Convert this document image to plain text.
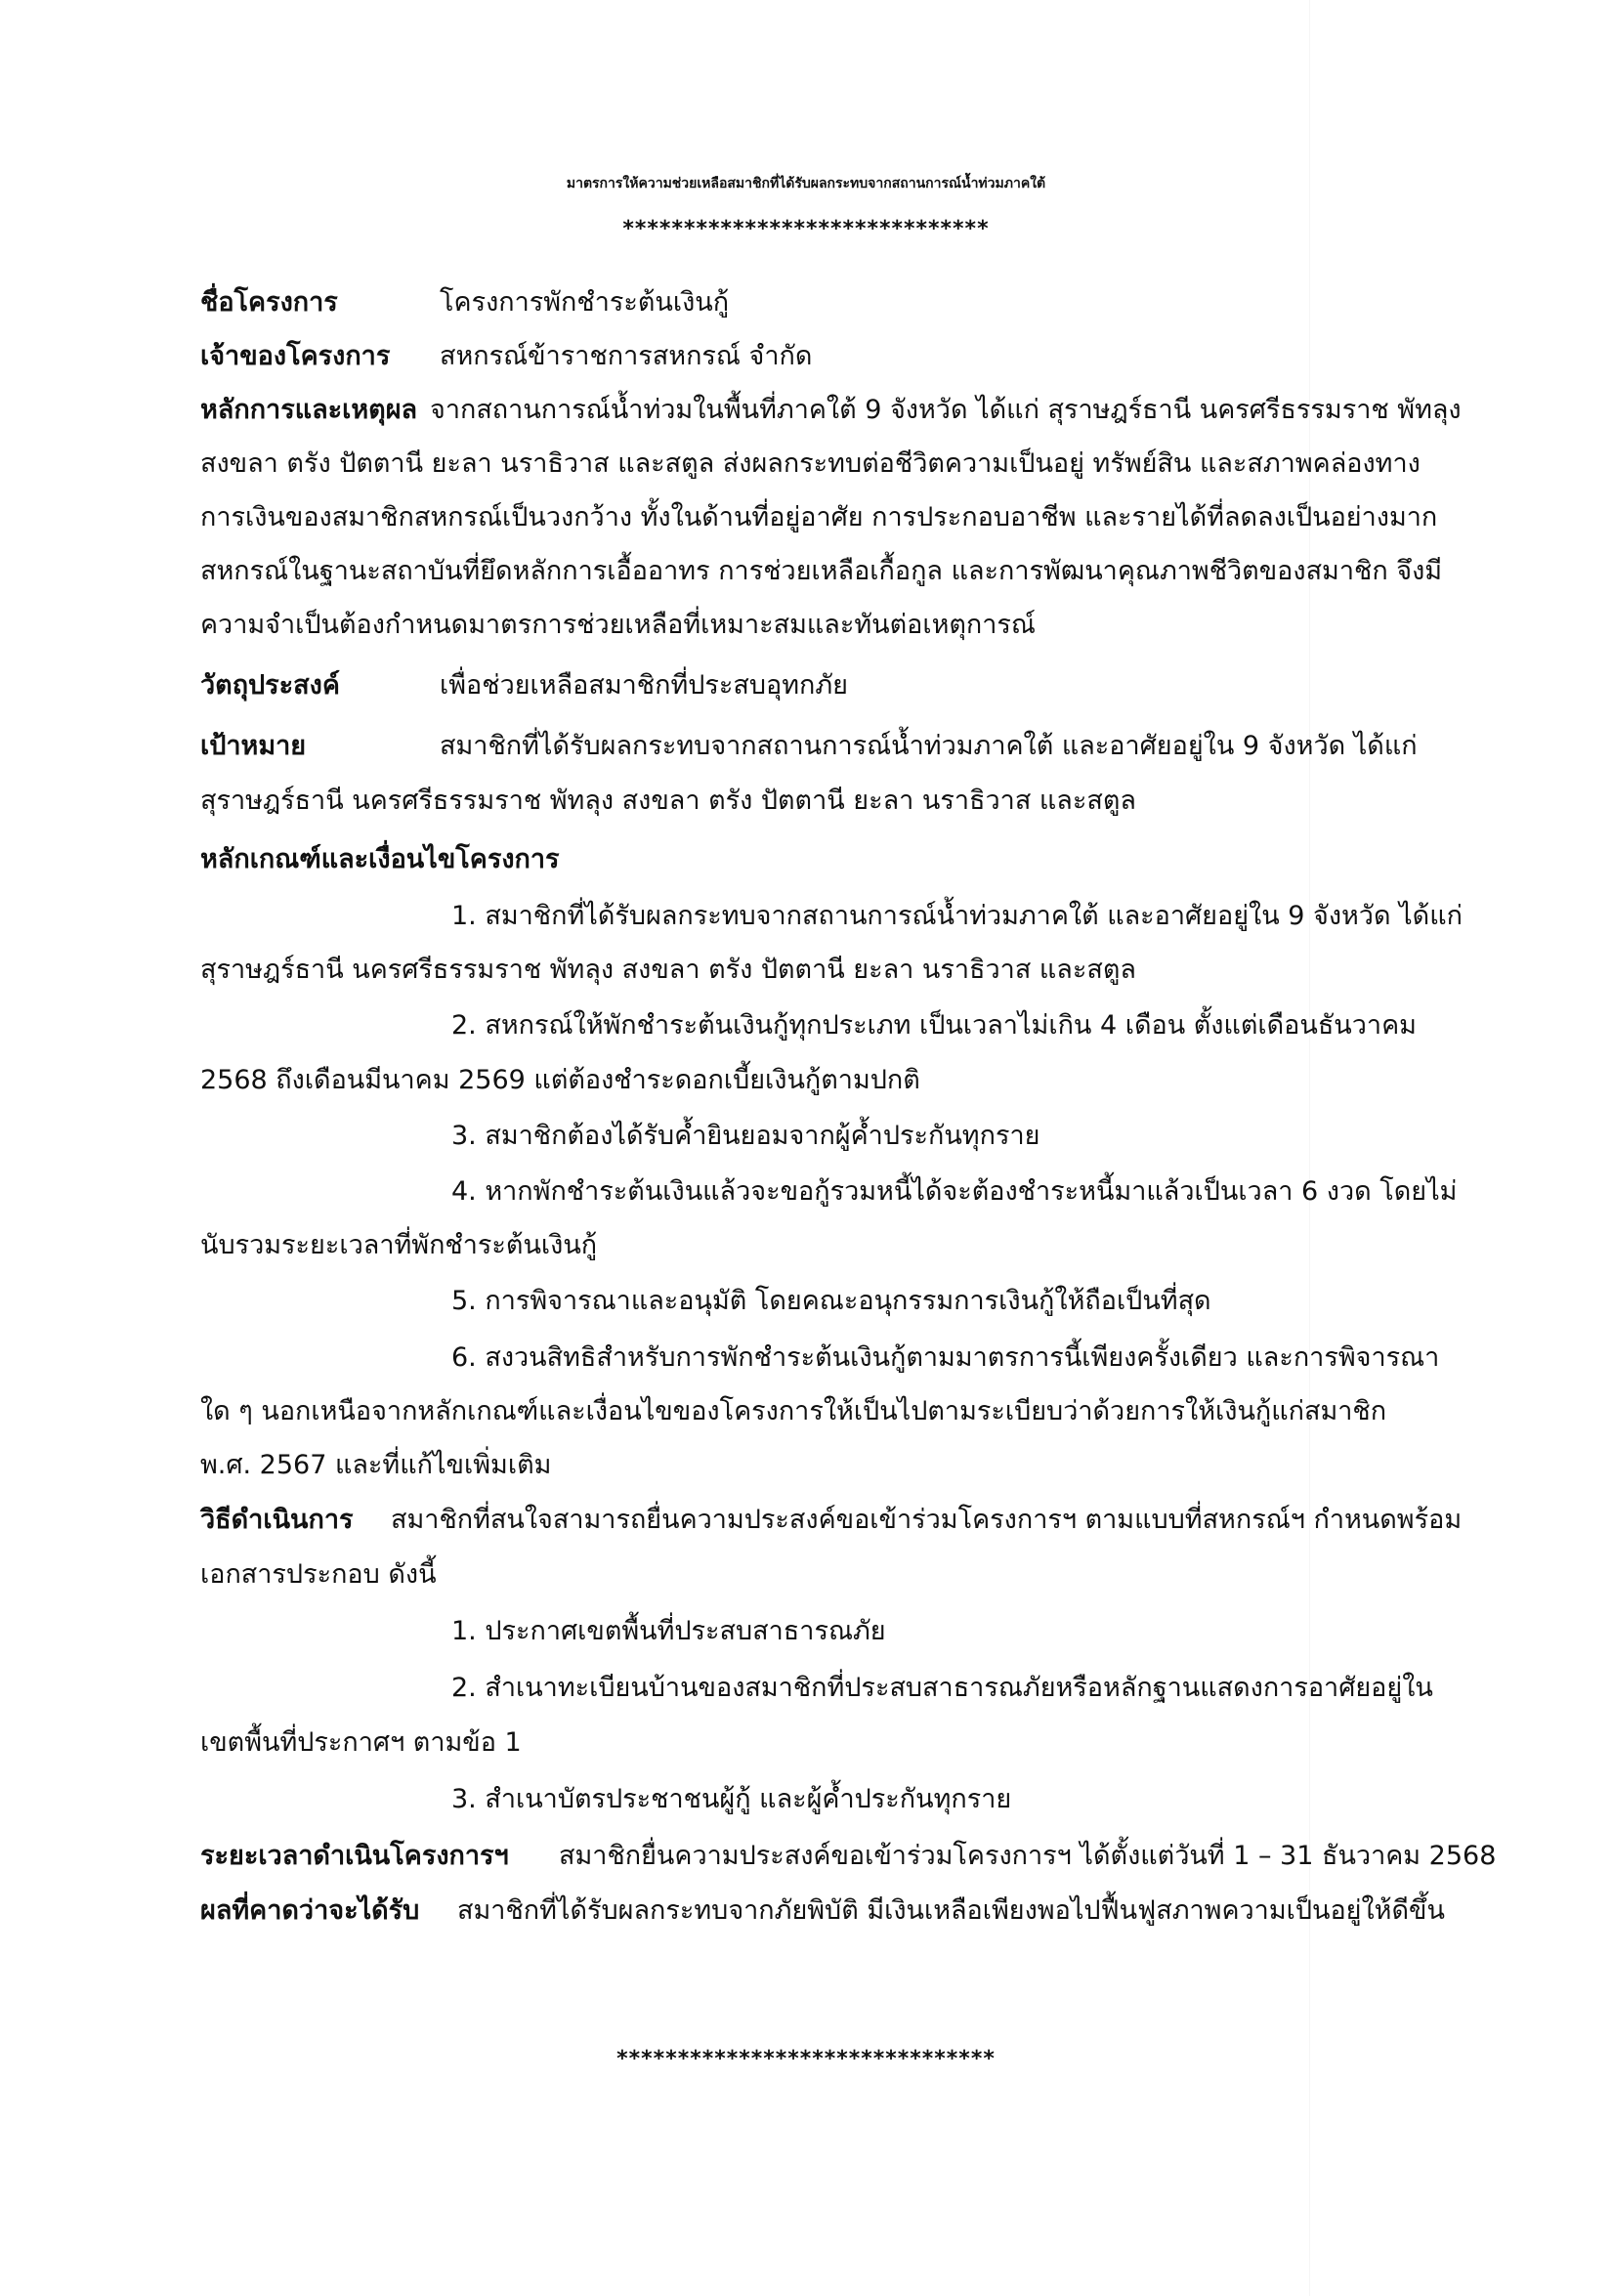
มาตรการให้ความช่วยเหลือสมาชิกที่ได้รับผลกระทบจากสถานการณ์น้ำท่วมภาคใต้
******************************
ชื่อโครงการ	โครงการพักชำระต้นเงินกู้
เจ้าของโครงการ สหกรณ์ข้าราชการสหกรณ์ จำกัด
หลักการและเหตุผล จากสถานการณ์น้ำท่วมในพื้นที่ภาคใต้ 9 จังหวัด ได้แก่ สุราษฎร์ธานี นครศรีธรรมราช พัทลุง
สงขลา ตรัง ปัตตานี ยะลา นราธิวาส และสตูล ส่งผลกระทบต่อชีวิตความเป็นอยู่ ทรัพย์สิน และสภาพคล่องทาง
การเงินของสมาชิกสหกรณ์เป็นวงกว้าง ทั้งในด้านที่อยู่อาศัย การประกอบอาชีพ และรายได้ที่ลดลงเป็นอย่างมาก
สหกรณ์ในฐานะสถาบันที่ยึดหลักการเอื้ออาทร การช่วยเหลือเกื้อกูล และการพัฒนาคุณภาพชีวิตของสมาชิก จึงมี
ความจำเป็นต้องกำหนดมาตรการช่วยเหลือที่เหมาะสมและทันต่อเหตุการณ์
วัตถุประสงค์	เพื่อช่วยเหลือสมาชิกที่ประสบอุทกภัย
เป้าหมาย	สมาชิกที่ได้รับผลกระทบจากสถานการณ์น้ำท่วมภาคใต้ และอาศัยอยู่ใน 9 จังหวัด ได้แก่
สุราษฎร์ธานี นครศรีธรรมราช พัทลุง สงขลา ตรัง ปัตตานี ยะลา นราธิวาส และสตูล
หลักเกณฑ์และเงื่อนไขโครงการ
1. สมาชิกที่ได้รับผลกระทบจากสถานการณ์น้ำท่วมภาคใต้ และอาศัยอยู่ใน 9 จังหวัด ได้แก่
สุราษฎร์ธานี นครศรีธรรมราช พัทลุง สงขลา ตรัง ปัตตานี ยะลา นราธิวาส และสตูล
2. สหกรณ์ให้พักชำระต้นเงินกู้ทุกประเภท เป็นเวลาไม่เกิน 4 เดือน ตั้งแต่เดือนธันวาคม
2568 ถึงเดือนมีนาคม 2569 แต่ต้องชำระดอกเบี้ยเงินกู้ตามปกติ
3. สมาชิกต้องได้รับค้ำยินยอมจากผู้ค้ำประกันทุกราย
4. หากพักชำระต้นเงินแล้วจะขอกู้รวมหนี้ได้จะต้องชำระหนี้มาแล้วเป็นเวลา 6 งวด โดยไม่
นับรวมระยะเวลาที่พักชำระต้นเงินกู้
5. การพิจารณาและอนุมัติ โดยคณะอนุกรรมการเงินกู้ให้ถือเป็นที่สุด
6. สงวนสิทธิสำหรับการพักชำระต้นเงินกู้ตามมาตรการนี้เพียงครั้งเดียว และการพิจารณา
ใด ๆ นอกเหนือจากหลักเกณฑ์และเงื่อนไขของโครงการให้เป็นไปตามระเบียบว่าด้วยการให้เงินกู้แก่สมาชิก
พ.ศ. 2567 และที่แก้ไขเพิ่มเติม
วิธีดำเนินการ สมาชิกที่สนใจสามารถยื่นความประสงค์ขอเข้าร่วมโครงการฯ ตามแบบที่สหกรณ์ฯ กำหนดพร้อม
เอกสารประกอบ ดังนี้
1. ประกาศเขตพื้นที่ประสบสาธารณภัย
2. สำเนาทะเบียนบ้านของสมาชิกที่ประสบสาธารณภัยหรือหลักฐานแสดงการอาศัยอยู่ใน
เขตพื้นที่ประกาศฯ ตามข้อ 1
3. สำเนาบัตรประชาชนผู้กู้ และผู้ค้ำประกันทุกราย
ระยะเวลาดำเนินโครงการฯ สมาชิกยื่นความประสงค์ขอเข้าร่วมโครงการฯ ได้ตั้งแต่วันที่ 1 – 31 ธันวาคม 2568
ผลที่คาดว่าจะได้รับ สมาชิกที่ได้รับผลกระทบจากภัยพิบัติ มีเงินเหลือเพียงพอไปฟื้นฟูสภาพความเป็นอยู่ให้ดีขึ้น
*******************************
